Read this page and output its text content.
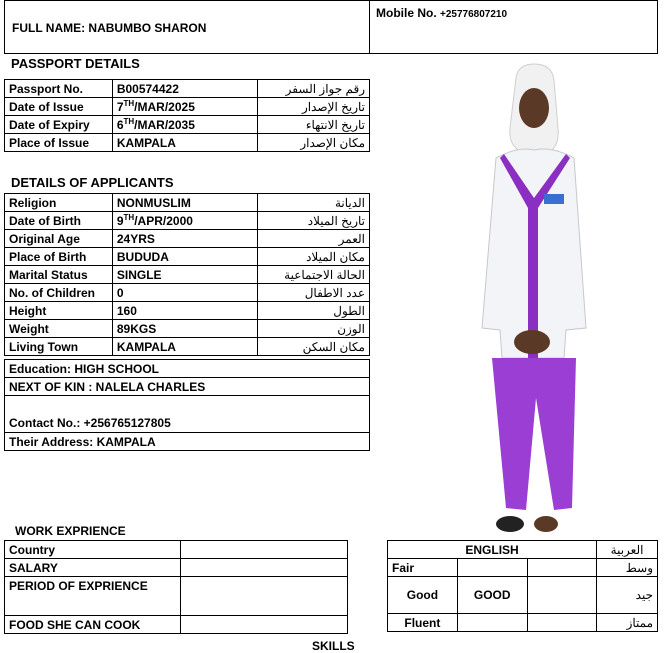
FULL NAME: NABUMBO SHARON
Mobile No. +25776807210
PASSPORT DETAILS
Passport No.	B00574422	رقم جواز السفر
Date of Issue	7TH/MAR/2025	تاريخ الإصدار
Date of Expiry	6TH/MAR/2035	تاريخ الانتهاء
Place of Issue	KAMPALA	مكان الإصدار
DETAILS OF APPLICANTS
Religion	NONMUSLIM	الديانة
Date of Birth	9TH/APR/2000	تاريخ الميلاد
Original Age	24YRS	العمر
Place of Birth	BUDUDA	مكان الميلاد
Marital Status	SINGLE	الحالة الاجتماعية
No. of Children	0	عدد الاطفال
Height	160	الطول
Weight	89KGS	الوزن
Living Town	KAMPALA	مكان السكن
Education: HIGH SCHOOL
NEXT OF KIN : NALELA CHARLES
Contact No.: +256765127805
Their Address: KAMPALA
WORK EXPRIENCE
Country	
SALARY	
PERIOD OF EXPRIENCE	
FOOD SHE CAN COOK	
ENGLISH			العربية
Fair			وسط
Good	GOOD		جيد
Fluent			ممتاز
SKILLS
